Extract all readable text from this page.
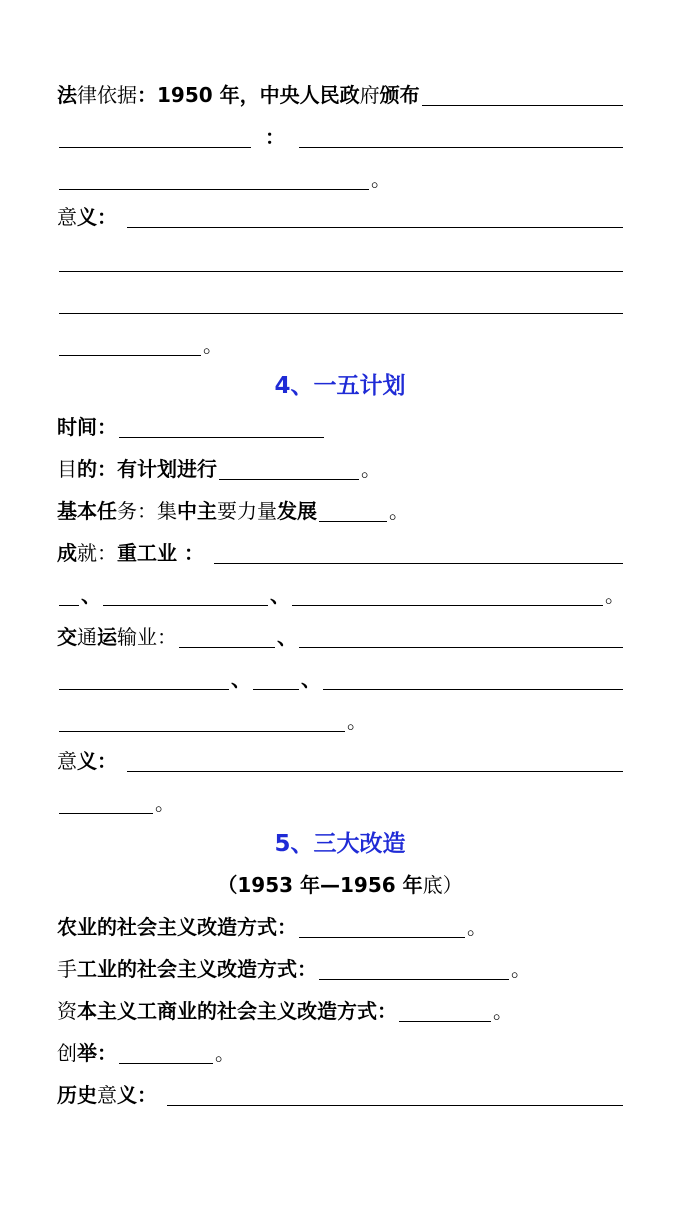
法 律依据 ：1950 年，中央人民政 府 颁布
：
。
意 义：
。
4、一五计划
时间：
目 的：有计划进行	。
基本任 务： 集 中主 要力量 发展	。
成 就： 重工业 ：
、	、	。
交 通 运 输业：	、
、	、
。
意 义：
。
5、三大改造
（1953 年—1956 年底）
农业的社会主义改造方式：	。
手 工业的社会主义改造方式：	。
资 本主义工商业的社会主义改造方式：	。
创 举：	。
历史 意 义：
